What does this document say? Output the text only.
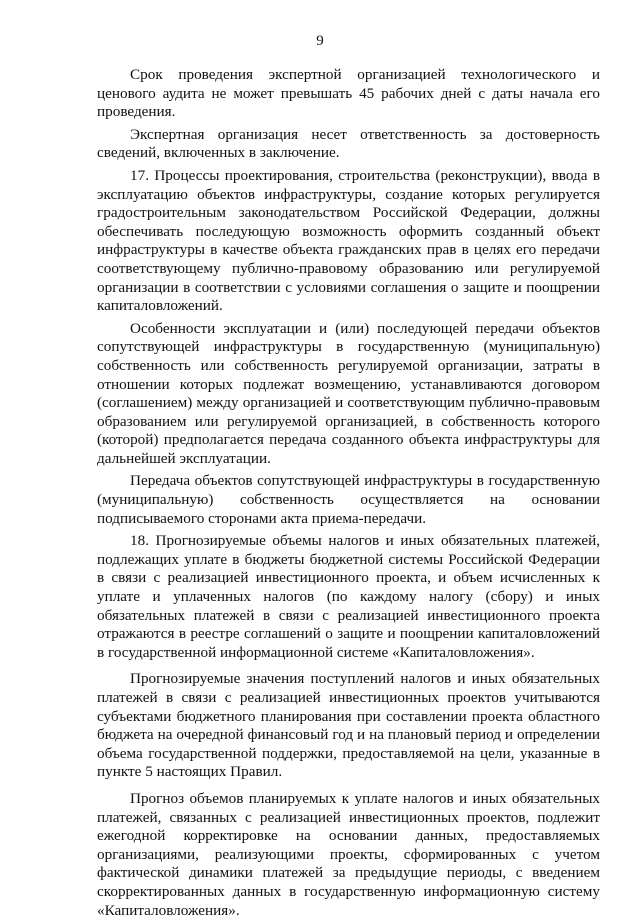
9

Срок проведения экспертной организацией технологического и ценового аудита не может превышать 45 рабочих дней с даты начала его проведения.

Экспертная организация несет ответственность за достоверность сведений, включенных в заключение.

17. Процессы проектирования, строительства (реконструкции), ввода в эксплуатацию объектов инфраструктуры, создание которых регулируется градостроительным законодательством Российской Федерации, должны обеспечивать последующую возможность оформить созданный объект инфраструктуры в качестве объекта гражданских прав в целях его передачи соответствующему публично-правовому образованию или регулируемой организации в соответствии с условиями соглашения о защите и поощрении капиталовложений.

Особенности эксплуатации и (или) последующей передачи объектов сопутствующей инфраструктуры в государственную (муниципальную) собственность или собственность регулируемой организации, затраты в отношении которых подлежат возмещению, устанавливаются договором (соглашением) между организацией и соответствующим публично-правовым образованием или регулируемой организацией, в собственность которого (которой) предполагается передача созданного объекта инфраструктуры для дальнейшей эксплуатации.

Передача объектов сопутствующей инфраструктуры в государственную (муниципальную) собственность осуществляется на основании подписываемого сторонами акта приема-передачи.

18. Прогнозируемые объемы налогов и иных обязательных платежей, подлежащих уплате в бюджеты бюджетной системы Российской Федерации в связи с реализацией инвестиционного проекта, и объем исчисленных к уплате и уплаченных налогов (по каждому налогу (сбору) и иных обязательных платежей в связи с реализацией инвестиционного проекта отражаются в реестре соглашений о защите и поощрении капиталовложений в государственной информационной системе «Капиталовложения».

Прогнозируемые значения поступлений налогов и иных обязательных платежей в связи с реализацией инвестиционных проектов учитываются субъектами бюджетного планирования при составлении проекта областного бюджета на очередной финансовый год и на плановый период и определении объема государственной поддержки, предоставляемой на цели, указанные в пункте 5 настоящих Правил.

Прогноз объемов планируемых к уплате налогов и иных обязательных платежей, связанных с реализацией инвестиционных проектов, подлежит ежегодной корректировке на основании данных, предоставляемых организациями, реализующими проекты, сформированных с учетом фактической динамики платежей за предыдущие периоды, с введением скорректированных данных в государственную информационную систему «Капиталовложения».
